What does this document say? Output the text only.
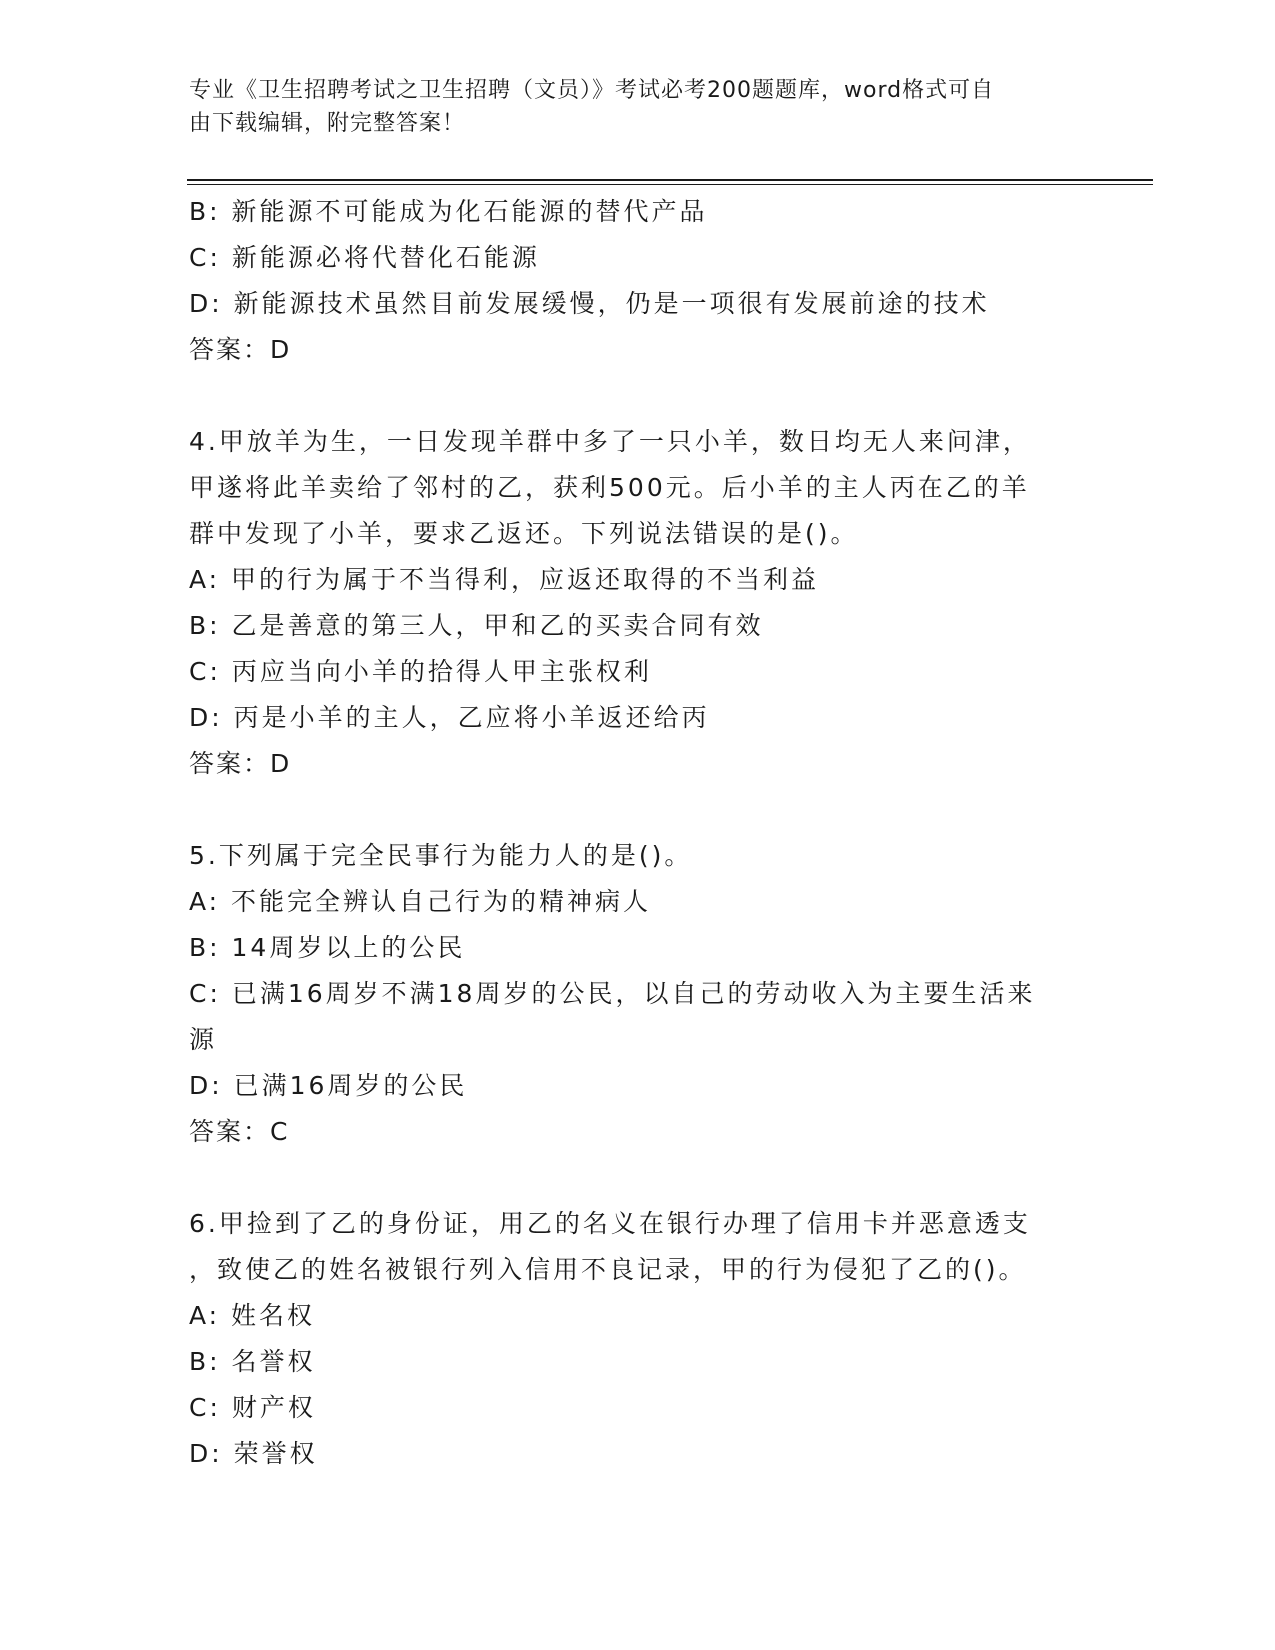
专业《卫生招聘考试之卫生招聘（文员）》考试必考200题题库，word格式可自
由下载编辑，附完整答案！
B: 新能源不可能成为化石能源的替代产品
C: 新能源必将代替化石能源
D: 新能源技术虽然目前发展缓慢，仍是一项很有发展前途的技术
答案：D
4.甲放羊为生，一日发现羊群中多了一只小羊，数日均无人来问津，
甲遂将此羊卖给了邻村的乙，获利500元。后小羊的主人丙在乙的羊
群中发现了小羊，要求乙返还。下列说法错误的是()。
A: 甲的行为属于不当得利，应返还取得的不当利益
B: 乙是善意的第三人，甲和乙的买卖合同有效
C: 丙应当向小羊的拾得人甲主张权利
D: 丙是小羊的主人，乙应将小羊返还给丙
答案：D
5.下列属于完全民事行为能力人的是()。
A: 不能完全辨认自己行为的精神病人
B: 14周岁以上的公民
C: 已满16周岁不满18周岁的公民，以自己的劳动收入为主要生活来
源
D: 已满16周岁的公民
答案：C
6.甲捡到了乙的身份证，用乙的名义在银行办理了信用卡并恶意透支
，致使乙的姓名被银行列入信用不良记录，甲的行为侵犯了乙的()。
A: 姓名权
B: 名誉权
C: 财产权
D: 荣誉权
